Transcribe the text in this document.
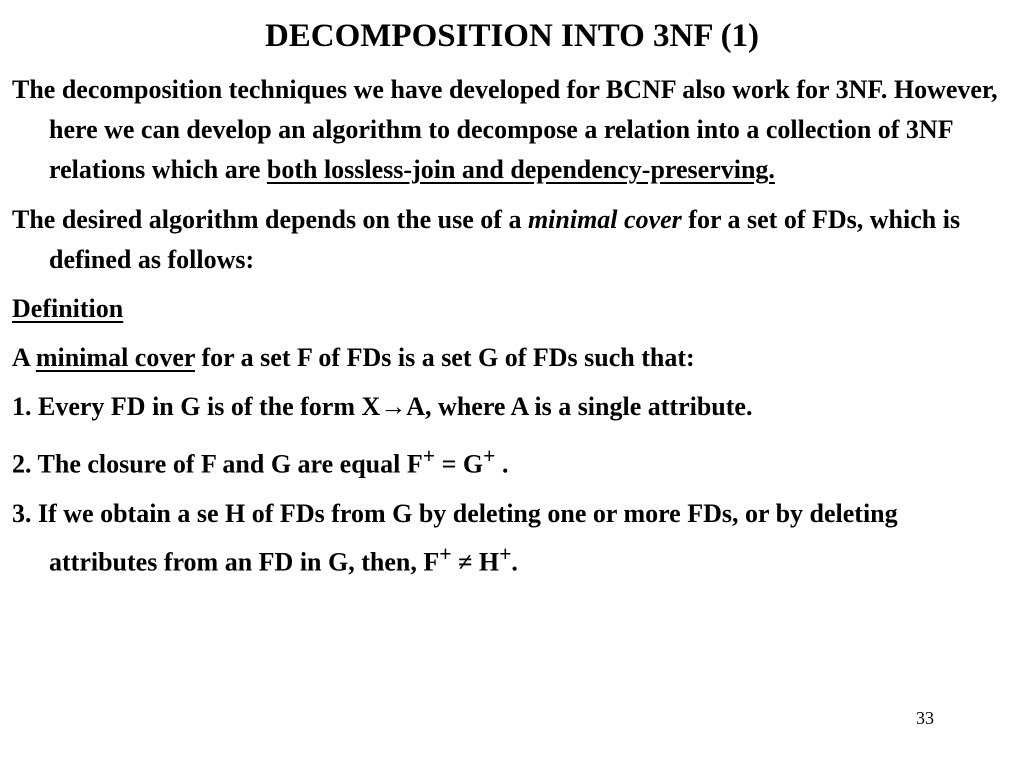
DECOMPOSITION INTO 3NF (1)

The decomposition techniques we have developed for BCNF also work for 3NF. However, here we can develop an algorithm to decompose a relation into a collection of 3NF relations which are both lossless-join and dependency-preserving.

The desired algorithm depends on the use of a minimal cover for a set of FDs, which is defined as follows:

Definition

A minimal cover for a set F of FDs is a set G of FDs such that:

1. Every FD in G is of the form X→A, where A is a single attribute.

2. The closure of F and G are equal F+ = G+ .

3. If we obtain a se H of FDs from G by deleting one or more FDs, or by deleting attributes from an FD in G, then, F+ ≠ H+.

33
